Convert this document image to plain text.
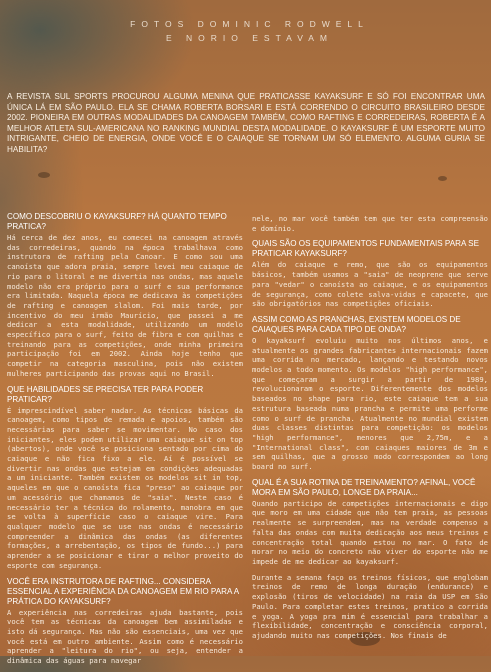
FOTOS DOMINIC RODWELL
E NORIO ESTAVAM

A REVISTA SUL SPORTS PROCUROU ALGUMA MENINA QUE PRATICASSE KAYAKSURF E SÓ FOI ENCONTRAR UMA ÚNICA LÁ EM SÃO PAULO. ELA SE CHAMA ROBERTA BORSARI E ESTÁ CORRENDO O CIRCUITO BRASILEIRO DESDE 2002. PIONEIRA EM OUTRAS MODALIDADES DA CANOAGEM TAMBÉM, COMO RAFTING E CORREDEIRAS, ROBERTA É A MELHOR ATLETA SUL-AMERICANA NO RANKING MUNDIAL DESTA MODALIDADE. O KAYAKSURF É UM ESPORTE MUITO INTRIGANTE, CHEIO DE ENERGIA, ONDE VOCÊ E O CAIAQUE SE TORNAM UM SÓ ELEMENTO. ALGUMA GURIA SE HABILITA?

COMO DESCOBRIU O KAYAKSURF? HÁ QUANTO TEMPO PRATICA?

Há cerca de dez anos, eu comecei na canoagem através das corredeiras, quando na época trabalhava como instrutora de rafting pela Canoar. E como sou uma canoísta que adora praia, sempre levei meu caiaque de rio para o litoral e me divertia nas ondas, mas aquele modelo não era próprio para o surf e sua performance era limitada. Naquela época me dedicava às competições de rafting e canoagem slalom. Foi mais tarde, por incentivo do meu irmão Maurício, que passei a me dedicar a esta modalidade, utilizando um modelo específico para o surf, feito de fibra e com quilhas e treinando para as competições, onde minha primeira participação foi em 2002. Ainda hoje tenho que competir na categoria masculina, pois não existem mulheres participando das provas aqui no Brasil.

QUE HABILIDADES SE PRECISA TER PARA PODER PRATICAR?

É imprescindível saber nadar. As técnicas básicas da canoagem, como tipos de remada e apoios, também são necessárias para saber se movimentar. No caso dos iniciantes, eles podem utilizar uma caiaque sit on top (abertos), onde você se posiciona sentado por cima do caiaque e não fica fixo a ele. Aí é possível se divertir nas ondas que estejam em condições adequadas a um iniciante. Também existem os modelos sit in top, aqueles em que o canoísta fica "preso" ao caiaque por um acessório que chamamos de "saia". Neste caso é necessário ter a técnica do rolamento, manobra em que se volta à superfície caso o caiaque vire. Para qualquer modelo que se use nas ondas é necessário compreender a dinâmica das ondas (as diferentes formações, a arrebentação, os tipos de fundo...) para aprender a se posicionar e tirar o melhor proveito do esporte com segurança.

VOCÊ ERA INSTRUTORA DE RAFTING... CONSIDERA ESSENCIAL A EXPERIÊNCIA DA CANOAGEM EM RIO PARA A PRÁTICA DO KAYAKSURF?

A experiência nas corredeiras ajuda bastante, pois você tem as técnicas da canoagem bem assimiladas e isto dá segurança. Mas não são essenciais, uma vez que você está em outro ambiente. Assim como é necessário aprender a "leitura do rio", ou seja, entender a dinâmica das águas para navegar

nele, no mar você também tem que ter esta compreensão e domínio.

QUAIS SÃO OS EQUIPAMENTOS FUNDAMENTAIS PARA SE PRATICAR KAYAKSURF?

Além do caiaque e remo, que são os equipamentos básicos, também usamos a "saia" de neoprene que serve para "vedar" o canoísta ao caiaque, e os equipamentos de segurança, como colete salva-vidas e capacete, que são obrigatórios nas competições oficiais.

ASSIM COMO AS PRANCHAS, EXISTEM MODELOS DE CAIAQUES PARA CADA TIPO DE ONDA?

O kayaksurf evoluiu muito nos últimos anos, e atualmente os grandes fabricantes internacionais fazem uma corrida no mercado, lançando e testando novos modelos a todo momento. Os modelos "high performance", que começaram a surgir a partir de 1989, revolucionaram o esporte. Diferentemente dos modelos baseados no shape para rio, este caiaque tem a sua estrutura baseada numa prancha e permite uma performe como o surf de prancha. Atualmente no mundial existem duas classes distintas para competição: os modelos "high performance", menores que 2,75m, e a "International class", com caiaques maiores de 3m e sem quilhas, que a grosso modo correspondem ao long board no surf.

QUAL É A SUA ROTINA DE TREINAMENTO? AFINAL, VOCÊ MORA EM SÃO PAULO, LONGE DA PRAIA...

Quando participo de competições internacionais e digo que moro em uma cidade que não tem praia, as pessoas realmente se surpreendem, mas na verdade compenso a falta das ondas com muita dedicação aos meus treinos e concentração total quando estou no mar. O fato de morar no meio do concreto não viver do esporte não me impede de me dedicar ao kayaksurf.

Durante a semana faço os treinos físicos, que englobam treinos de remo de longa duração (endurance) e explosão (tiros de velocidade) na raia da USP em São Paulo. Para completar estes treinos, pratico a corrida e yoga. A yoga pra mim é essencial para trabalhar a flexibilidade, concentração e consciência corporal, ajudando muito nas competições. Nos finais de
